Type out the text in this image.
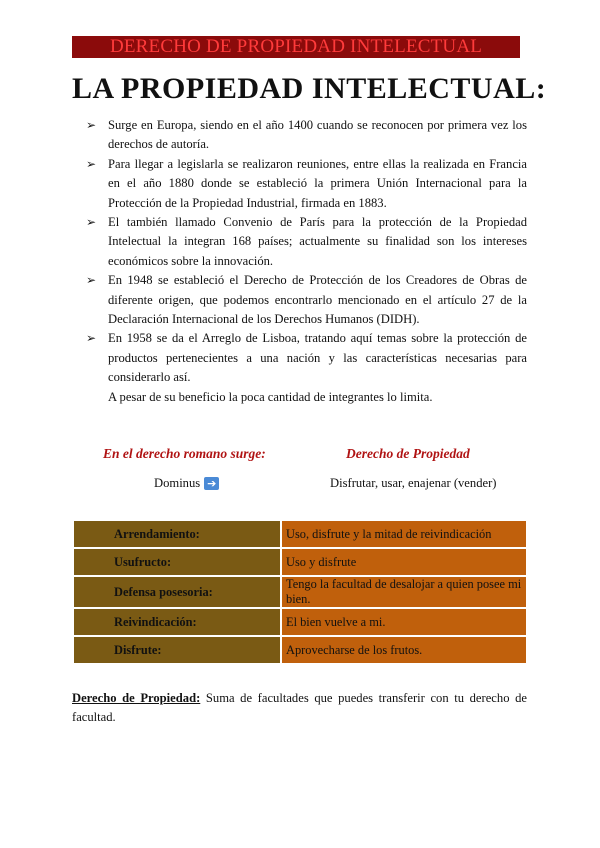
DERECHO DE PROPIEDAD INTELECTUAL
LA PROPIEDAD INTELECTUAL:
➢ Surge en Europa, siendo en el año 1400 cuando se reconocen por primera vez los derechos de autoría.
➢ Para llegar a legislarla se realizaron reuniones, entre ellas la realizada en Francia en el año 1880 donde se estableció la primera Unión Internacional para la Protección de la Propiedad Industrial, firmada en 1883.
➢ El también llamado Convenio de París para la protección de la Propiedad Intelectual la integran 168 países; actualmente su finalidad son los intereses económicos sobre la innovación.
➢ En 1948 se estableció el Derecho de Protección de los Creadores de Obras de diferente origen, que podemos encontrarlo mencionado en el artículo 27 de la Declaración Internacional de los Derechos Humanos (DIDH).
➢ En 1958 se da el Arreglo de Lisboa, tratando aquí temas sobre la protección de productos pertenecientes a una nación y las características necesarias para considerarlo así.
A pesar de su beneficio la poca cantidad de integrantes lo limita.
En el derecho romano surge:	Derecho de Propiedad
Dominus ➔	Disfrutar, usar, enajenar (vender)
Arrendamiento:	Uso, disfrute y la mitad de reivindicación
Usufructo:	Uso y disfrute
Defensa posesoria:	Tengo la facultad de desalojar a quien posee mi bien.
Reivindicación:	El bien vuelve a mi.
Disfrute:	Aprovecharse de los frutos.
Derecho de Propiedad: Suma de facultades que puedes transferir con tu derecho de facultad.
